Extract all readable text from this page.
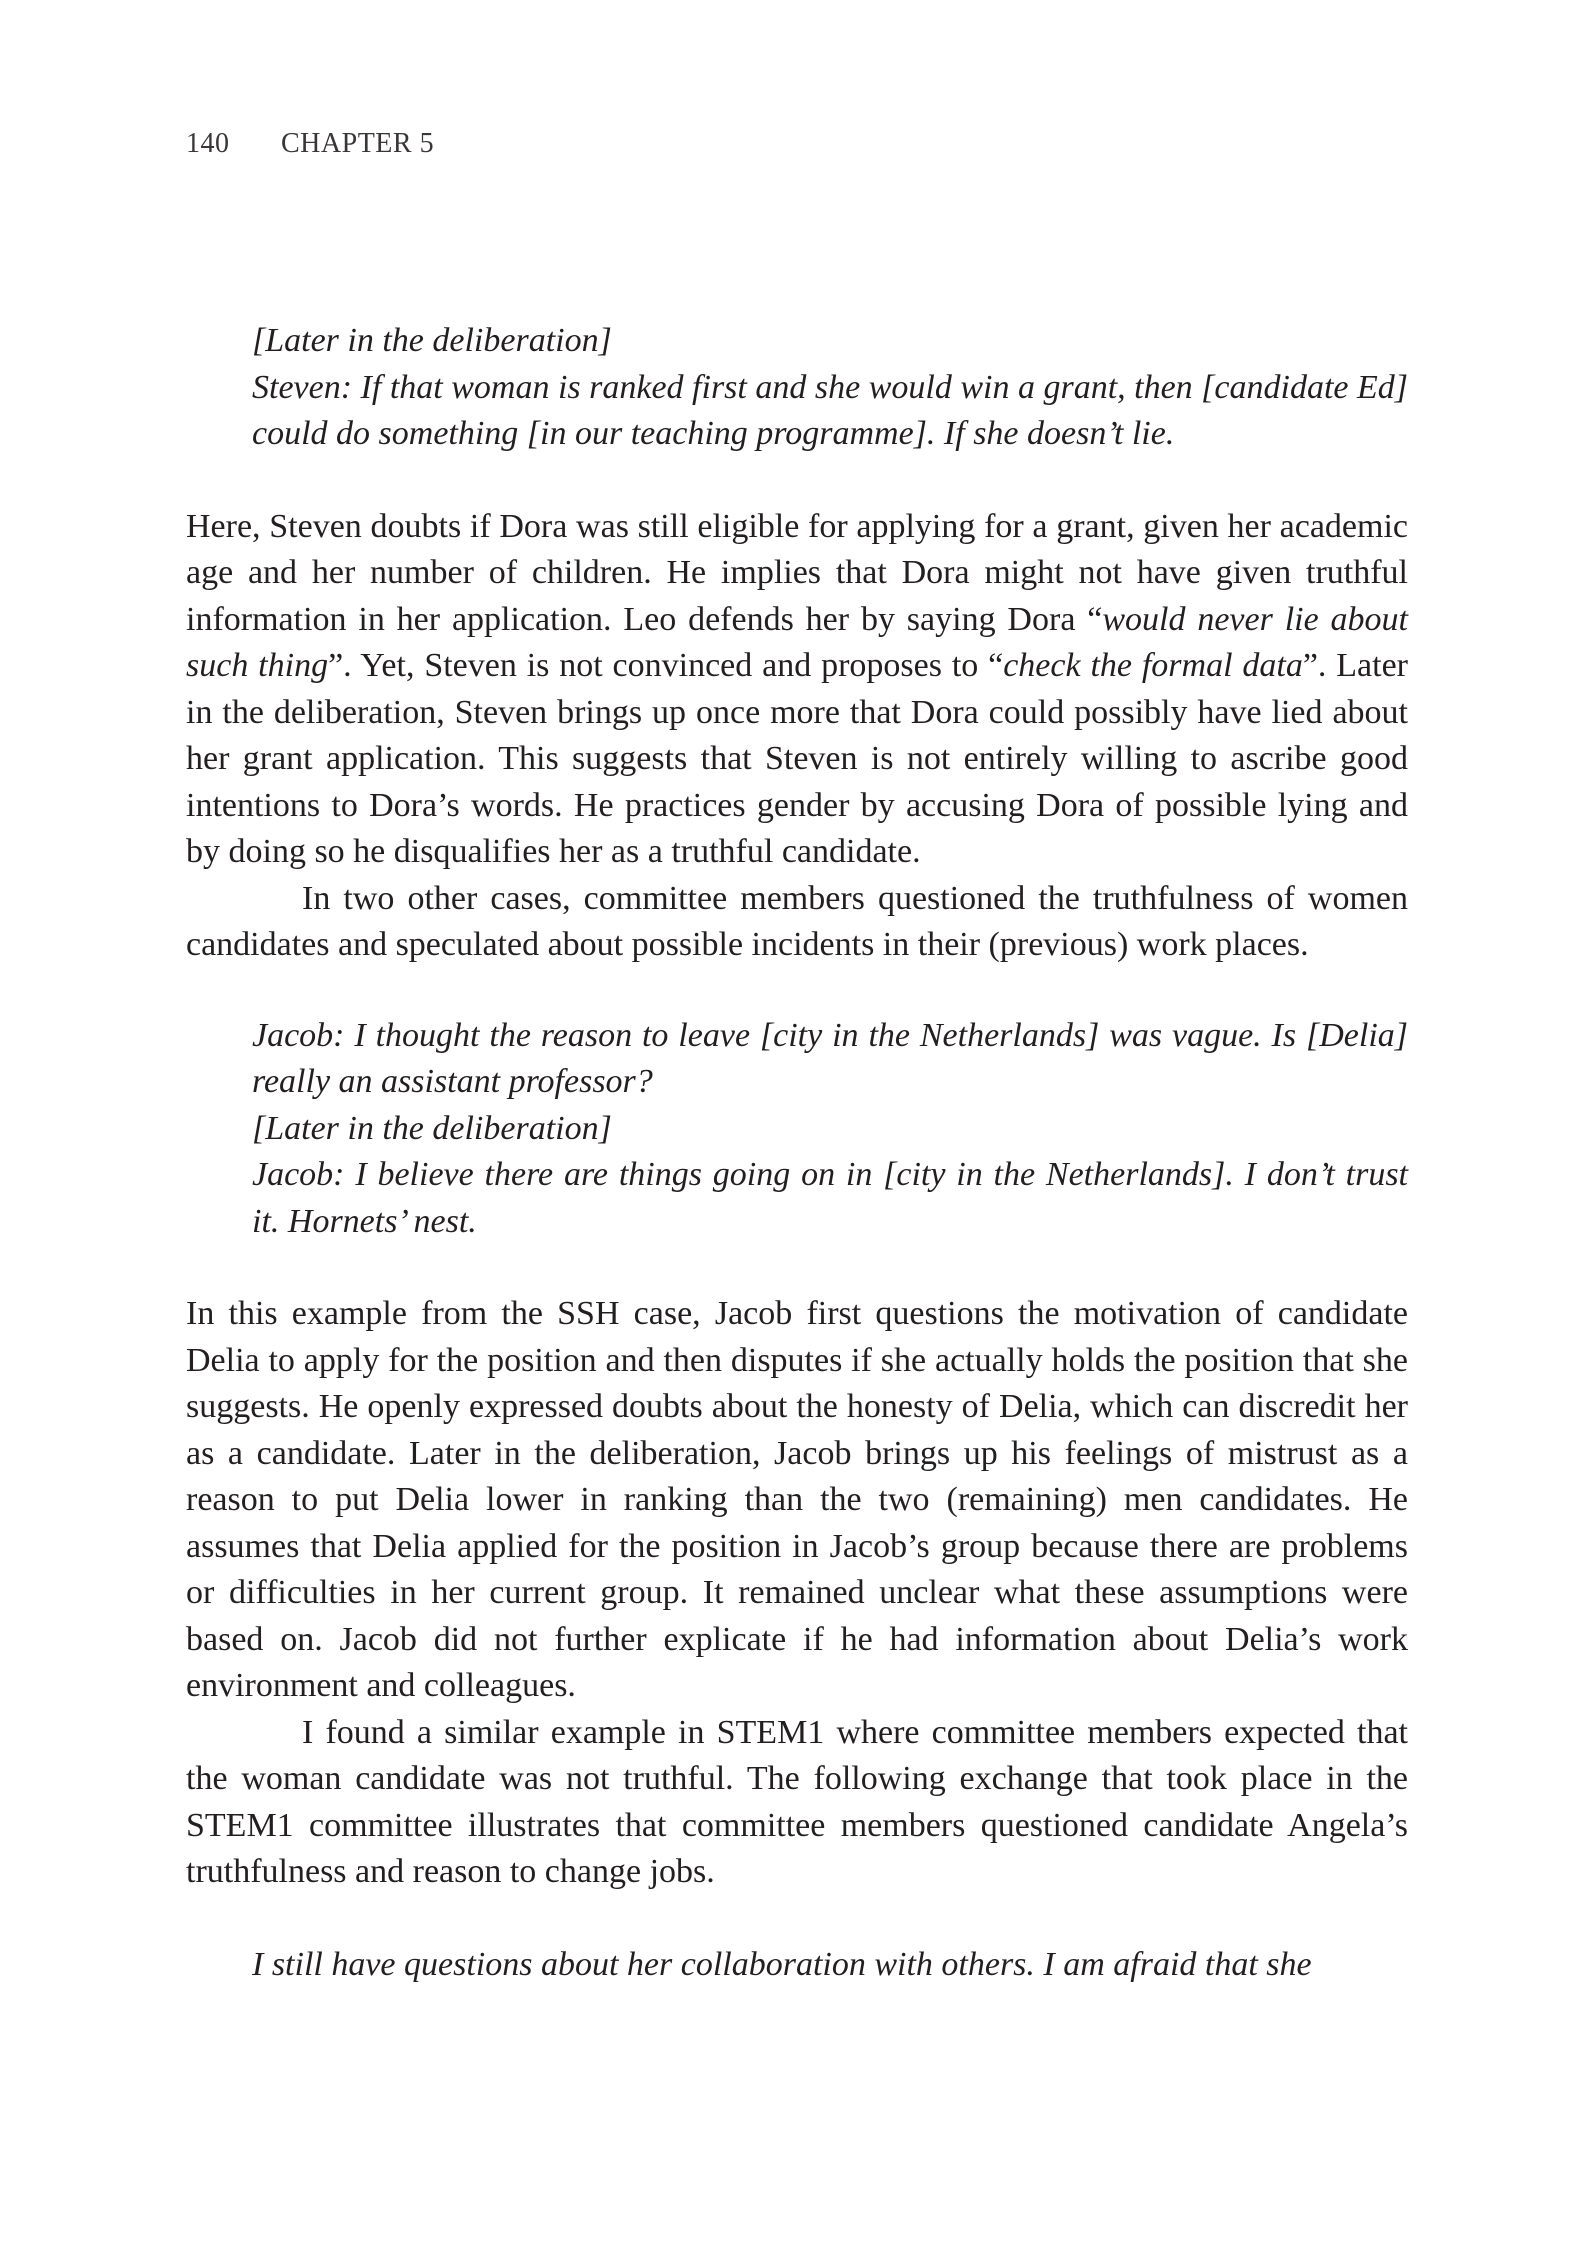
140 CHAPTER 5
[Later in the deliberation]
Steven: If that woman is ranked first and she would win a grant, then [candidate Ed] could do something [in our teaching programme]. If she doesn’t lie.

Here, Steven doubts if Dora was still eligible for applying for a grant, given her academic age and her number of children. He implies that Dora might not have given truthful information in her application. Leo defends her by saying Dora “would never lie about such thing”. Yet, Steven is not convinced and proposes to “check the formal data”. Later in the deliberation, Steven brings up once more that Dora could possibly have lied about her grant application. This suggests that Steven is not entirely willing to ascribe good intentions to Dora’s words. He practices gender by accusing Dora of possible lying and by doing so he disqualifies her as a truthful candidate.

In two other cases, committee members questioned the truthfulness of women candidates and speculated about possible incidents in their (previous) work places.

Jacob: I thought the reason to leave [city in the Netherlands] was vague. Is [Delia] really an assistant professor?
[Later in the deliberation]
Jacob: I believe there are things going on in [city in the Netherlands]. I don’t trust it. Hornets’ nest.

In this example from the SSH case, Jacob first questions the motivation of candidate Delia to apply for the position and then disputes if she actually holds the position that she suggests. He openly expressed doubts about the honesty of Delia, which can discredit her as a candidate. Later in the deliberation, Jacob brings up his feelings of mistrust as a reason to put Delia lower in ranking than the two (remaining) men candidates. He assumes that Delia applied for the position in Jacob’s group because there are problems or difficulties in her current group. It remained unclear what these assumptions were based on. Jacob did not further explicate if he had information about Delia’s work environment and colleagues.

I found a similar example in STEM1 where committee members expected that the woman candidate was not truthful. The following exchange that took place in the STEM1 committee illustrates that committee members questioned candidate Angela’s truthfulness and reason to change jobs.

I still have questions about her collaboration with others. I am afraid that she
